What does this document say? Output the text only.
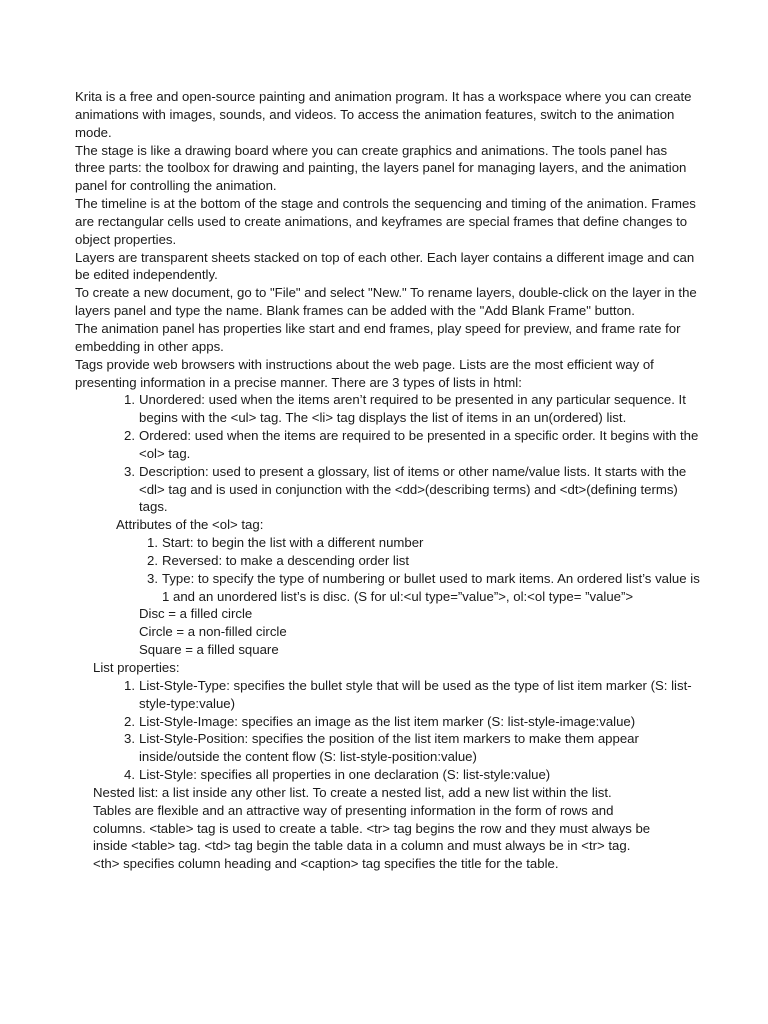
Krita is a free and open-source painting and animation program. It has a workspace where you can create animations with images, sounds, and videos. To access the animation features, switch to the animation mode.

The stage is like a drawing board where you can create graphics and animations. The tools panel has three parts: the toolbox for drawing and painting, the layers panel for managing layers, and the animation panel for controlling the animation.

The timeline is at the bottom of the stage and controls the sequencing and timing of the animation. Frames are rectangular cells used to create animations, and keyframes are special frames that define changes to object properties.

Layers are transparent sheets stacked on top of each other. Each layer contains a different image and can be edited independently.

To create a new document, go to "File" and select "New." To rename layers, double-click on the layer in the layers panel and type the name. Blank frames can be added with the "Add Blank Frame" button.

The animation panel has properties like start and end frames, play speed for preview, and frame rate for embedding in other apps.

Tags provide web browsers with instructions about the web page. Lists are the most efficient way of presenting information in a precise manner. There are 3 types of lists in html:

1. Unordered: used when the items aren’t required to be presented in any particular sequence. It begins with the <ul> tag. The <li> tag displays the list of items in an un(ordered) list.
2. Ordered: used when the items are required to be presented in a specific order. It begins with the <ol> tag.
3. Description: used to present a glossary, list of items or other name/value lists. It starts with the <dl> tag and is used in conjunction with the <dd>(describing terms) and <dt>(defining terms) tags.

Attributes of the <ol> tag:

1. Start: to begin the list with a different number
2. Reversed: to make a descending order list
3. Type: to specify the type of numbering or bullet used to mark items. An ordered list’s value is 1 and an unordered list’s is disc. (S for ul:<ul type=”value”>, ol:<ol type= ”value”>

Disc = a filled circle

Circle = a non-filled circle

Square = a filled square

List properties:

1. List-Style-Type: specifies the bullet style that will be used as the type of list item marker (S: list-style-type:value)
2. List-Style-Image: specifies an image as the list item marker (S: list-style-image:value)
3. List-Style-Position: specifies the position of the list item markers to make them appear inside/outside the content flow (S: list-style-position:value)
4. List-Style: specifies all properties in one declaration (S: list-style:value)

Nested list: a list inside any other list. To create a nested list, add a new list within the list.

Tables are flexible and an attractive way of presenting information in the form of rows and columns. <table> tag is used to create a table. <tr> tag begins the row and they must always be inside <table> tag. <td> tag begin the table data in a column and must always be in <tr> tag. <th> specifies column heading and <caption> tag specifies the title for the table.
